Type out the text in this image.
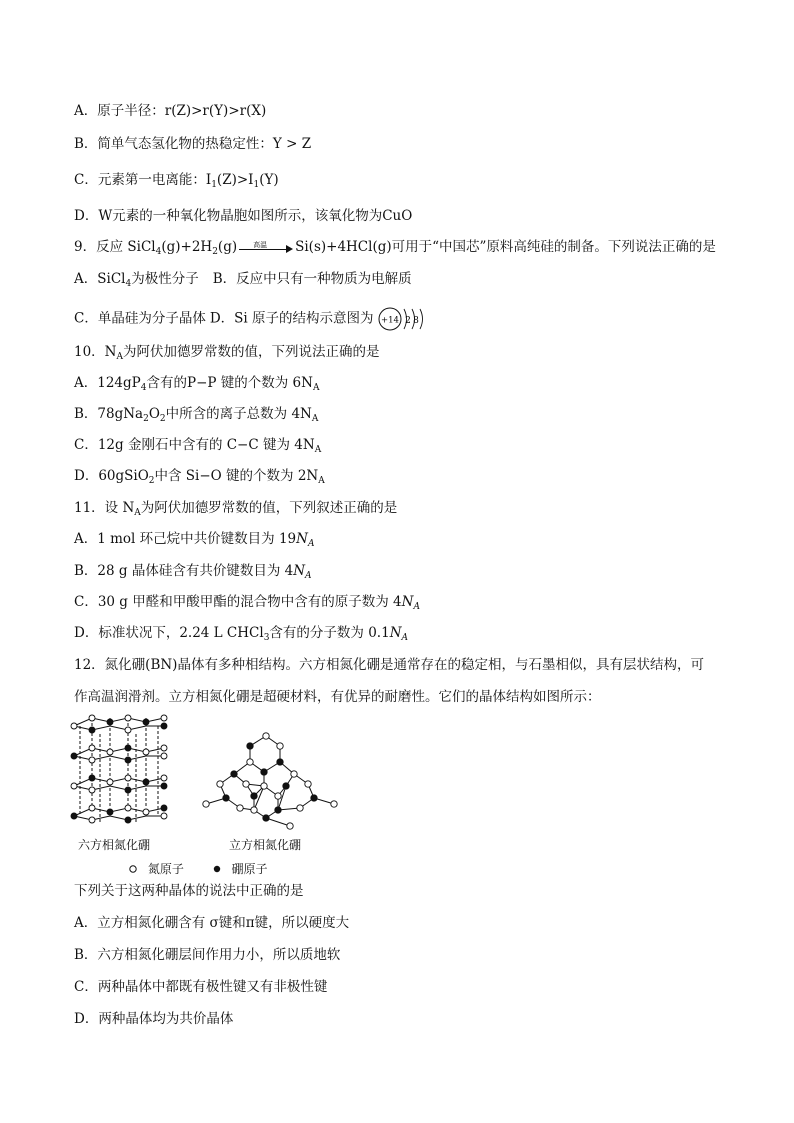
A．原子半径：r(Z)>r(Y)>r(X)
B．简单气态氢化物的热稳定性：Y > Z
C．元素第一电离能：$I_1(Z)>I_1(Y)$
D．W元素的一种氧化物晶胞如图所示，该氧化物为CuO
9．反应 $SiCl_4(g)+2H_2(g)$ 高温 Si(s)+4HCl(g)可用于“中国芯”原料高纯硅的制备。下列说法正确的是
A．SiCl$_4$为极性分子 B．反应中只有一种物质为电解质
C．单晶硅为分子晶体 D．Si 原子的结构示意图为 +14 2 8
10．$N_A$为阿伏加德罗常数的值，下列说法正确的是
A．$124gP_4$含有的P−P 键的个数为 $6N_A$
B．$78gNa_2O_2$中所含的离子总数为 $4N_A$
C．12g 金刚石中含有的 C−C 键为 $4N_A$
D．60gSiO$_2$中含 Si−O 键的个数为 $2N_A$
11．设 $N_A$为阿伏加德罗常数的值，下列叙述正确的是
A．1 mol 环己烷中共价键数目为 $19N_A$
B．28 g 晶体硅含有共价键数目为 $4N_A$
C．30 g 甲醛和甲酸甲酯的混合物中含有的原子数为 $4N_A$
D．标准状况下，2.24 L CHCl$_3$含有的分子数为 $0.1N_A$
12．氮化硼(BN)晶体有多种相结构。六方相氮化硼是通常存在的稳定相，与石墨相似，具有层状结构，可
作高温润滑剂。立方相氮化硼是超硬材料，有优异的耐磨性。它们的晶体结构如图所示：
六方相氮化硼	立方相氮化硼
氮原子	硼原子
下列关于这两种晶体的说法中正确的是
A．立方相氮化硼含有 σ键和π键，所以硬度大
B．六方相氮化硼层间作用力小，所以质地软
C．两种晶体中都既有极性键又有非极性键
D．两种晶体均为共价晶体
